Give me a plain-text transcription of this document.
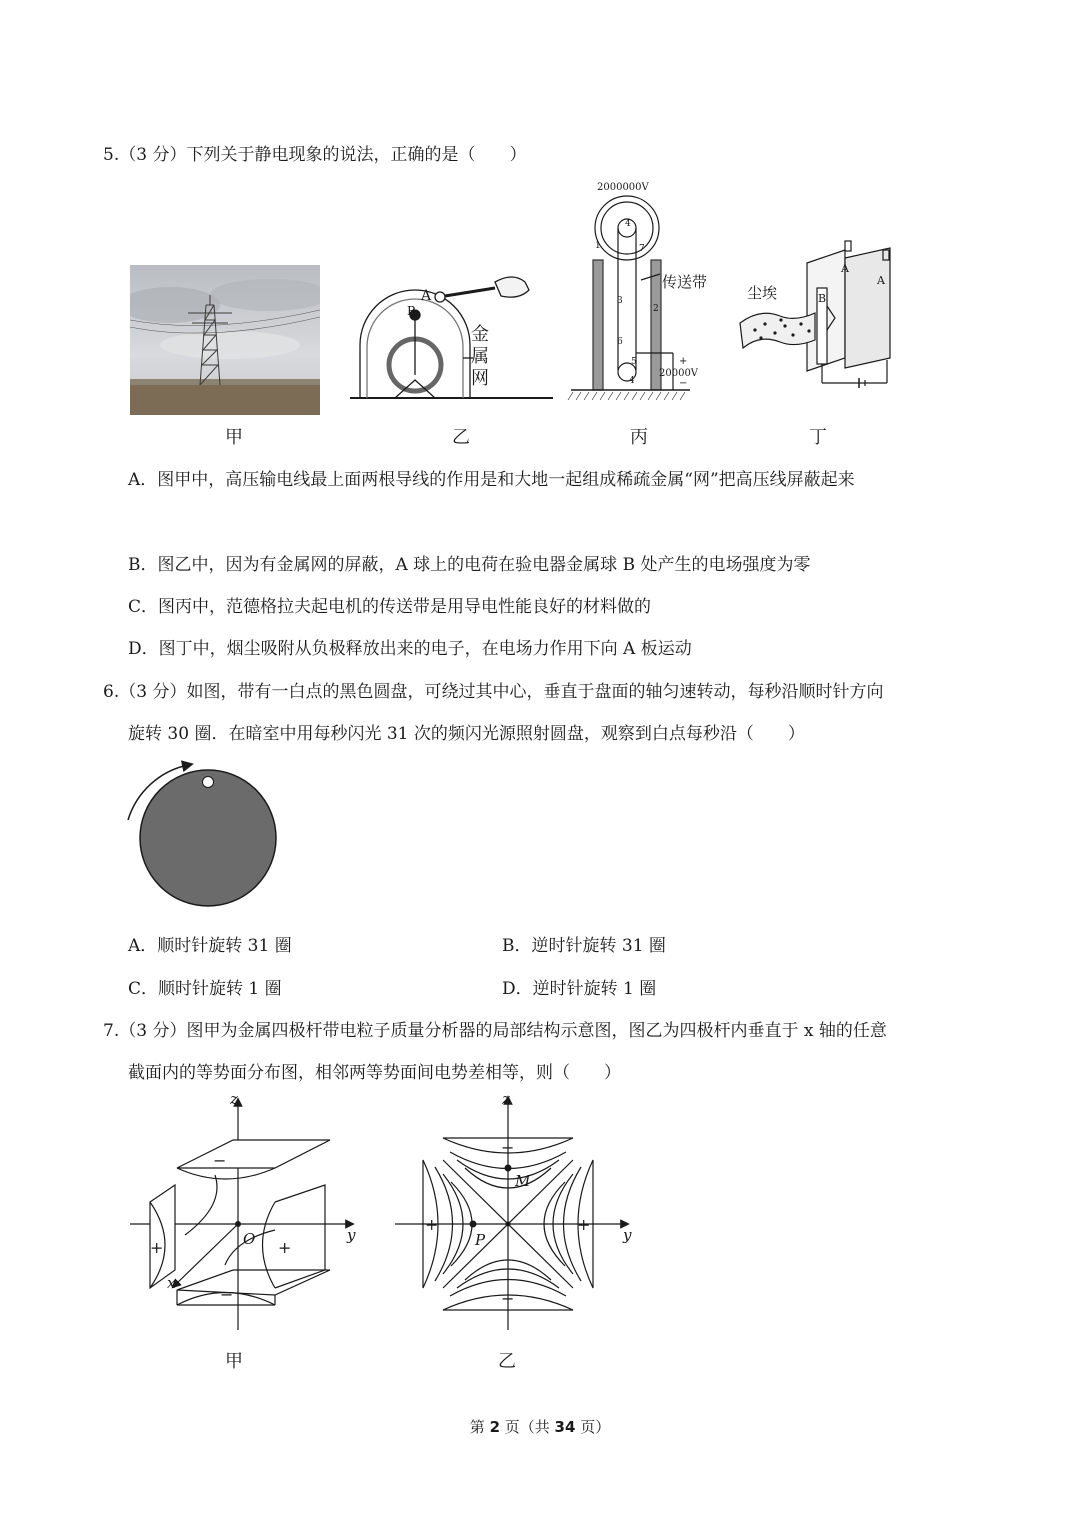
5.（3 分）下列关于静电现象的说法，正确的是（　　）
甲
A
B
金
属
网
乙
2000000V
4
1	7
3
2
6
5
4
传送带
20000V
+
−
丙
尘埃
A
A
B
丁
A．图甲中，高压输电线最上面两根导线的作用是和大地一起组成稀疏金属“网”把高压线屏蔽起来
B．图乙中，因为有金属网的屏蔽，A 球上的电荷在验电器金属球 B 处产生的电场强度为零
C．图丙中，范德格拉夫起电机的传送带是用导电性能良好的材料做的
D．图丁中，烟尘吸附从负极释放出来的电子，在电场力作用下向 A 板运动
6.（3 分）如图，带有一白点的黑色圆盘，可绕过其中心，垂直于盘面的轴匀速转动，每秒沿顺时针方向
旋转 30 圈．在暗室中用每秒闪光 31 次的频闪光源照射圆盘，观察到白点每秒沿（　　）
A．顺时针旋转 31 圈	B．逆时针旋转 31 圈
C．顺时针旋转 1 圈	D．逆时针旋转 1 圈
7.（3 分）图甲为金属四极杆带电粒子质量分析器的局部结构示意图，图乙为四极杆内垂直于 x 轴的任意
截面内的等势面分布图，相邻两等势面间电势差相等，则（　　）
z
y
x
O
−
+	+
−
甲
z
y
M
P
−
+	+
−
乙
第 2 页（共 34 页）
